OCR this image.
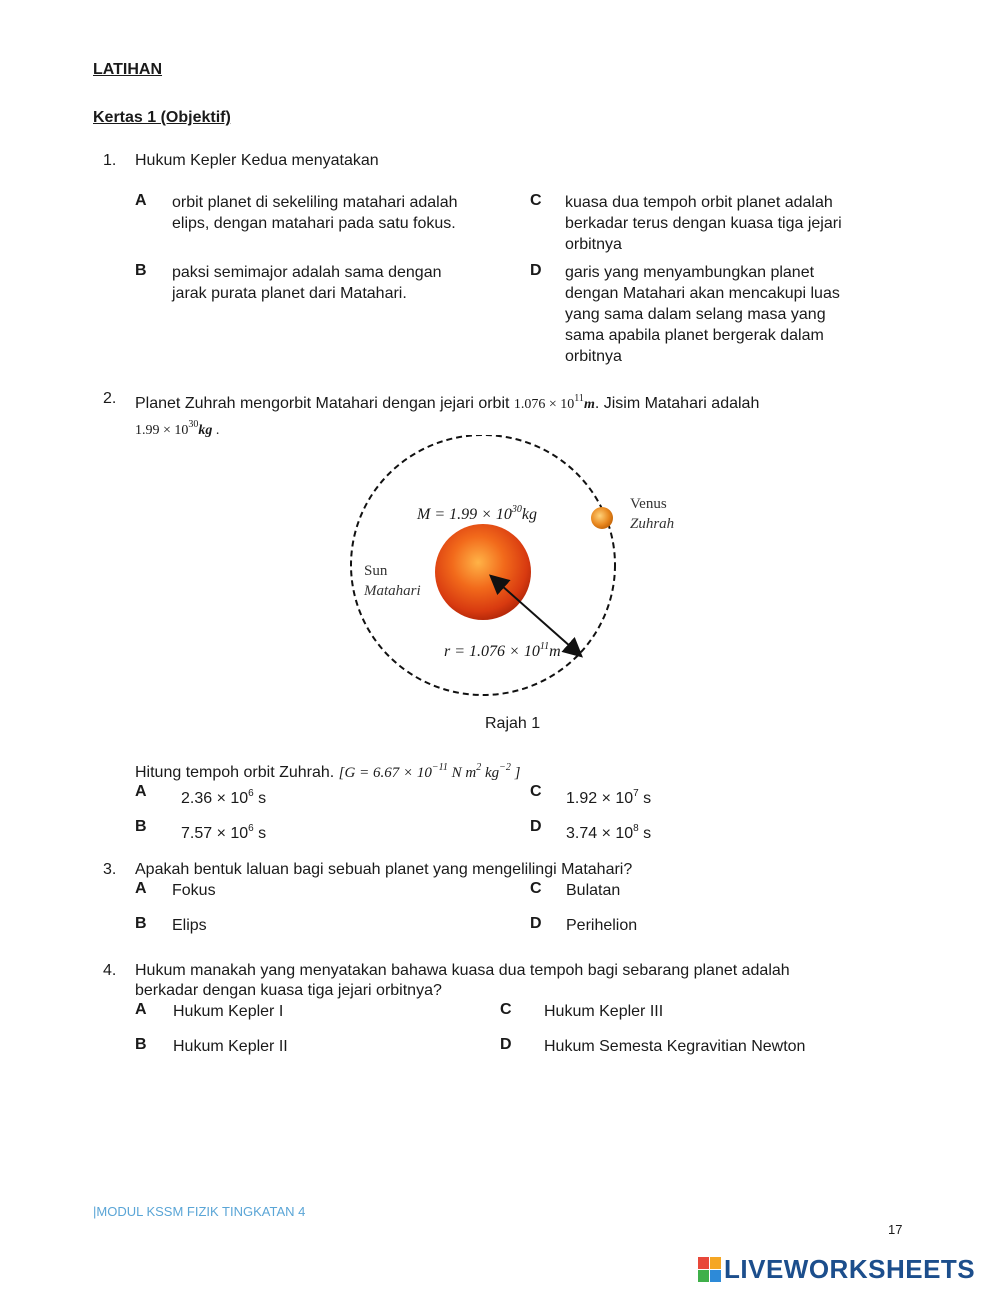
LATIHAN
Kertas 1 (Objektif)
1. Hukum Kepler Kedua menyatakan
A orbit planet di sekeliling matahari adalah
elips, dengan matahari pada satu fokus.
C kuasa dua tempoh orbit planet adalah
berkadar terus dengan kuasa tiga jejari
orbitnya
B paksi semimajor adalah sama dengan
jarak purata planet dari Matahari.
D garis yang menyambungkan planet
dengan Matahari akan mencakupi luas
yang sama dalam selang masa yang
sama apabila planet bergerak dalam
orbitnya
2. Planet Zuhrah mengorbit Matahari dengan jejari orbit $1.076 \times 10^{11}m$. Jisim Matahari adalah
$1.99 \times 10^{30}kg$ .
$M = 1.99 \times 10^{30}kg$
Sun
Matahari
Venus
Zuhrah
$r = 1.076 \times 10^{11}m$
Rajah 1
Hitung tempoh orbit Zuhrah. [$G = 6.67 \times 10^{-11}$ N $m^2$ $kg^{-2}$ ]
A $2.36 \times 10^6$ s	C $1.92 \times 10^7$ s
B $7.57 \times 10^6$ s	D $3.74 \times 10^8$ s
3. Apakah bentuk laluan bagi sebuah planet yang mengelilingi Matahari?
A Fokus	C Bulatan
B Elips	D Perihelion
4. Hukum manakah yang menyatakan bahawa kuasa dua tempoh bagi sebarang planet adalah
berkadar dengan kuasa tiga jejari orbitnya?
A Hukum Kepler I	C Hukum Kepler III
B Hukum Kepler II	D Hukum Semesta Kegravitian Newton
|MODUL KSSM FIZIK TINGKATAN 4
17
LIVEWORKSHEETS
